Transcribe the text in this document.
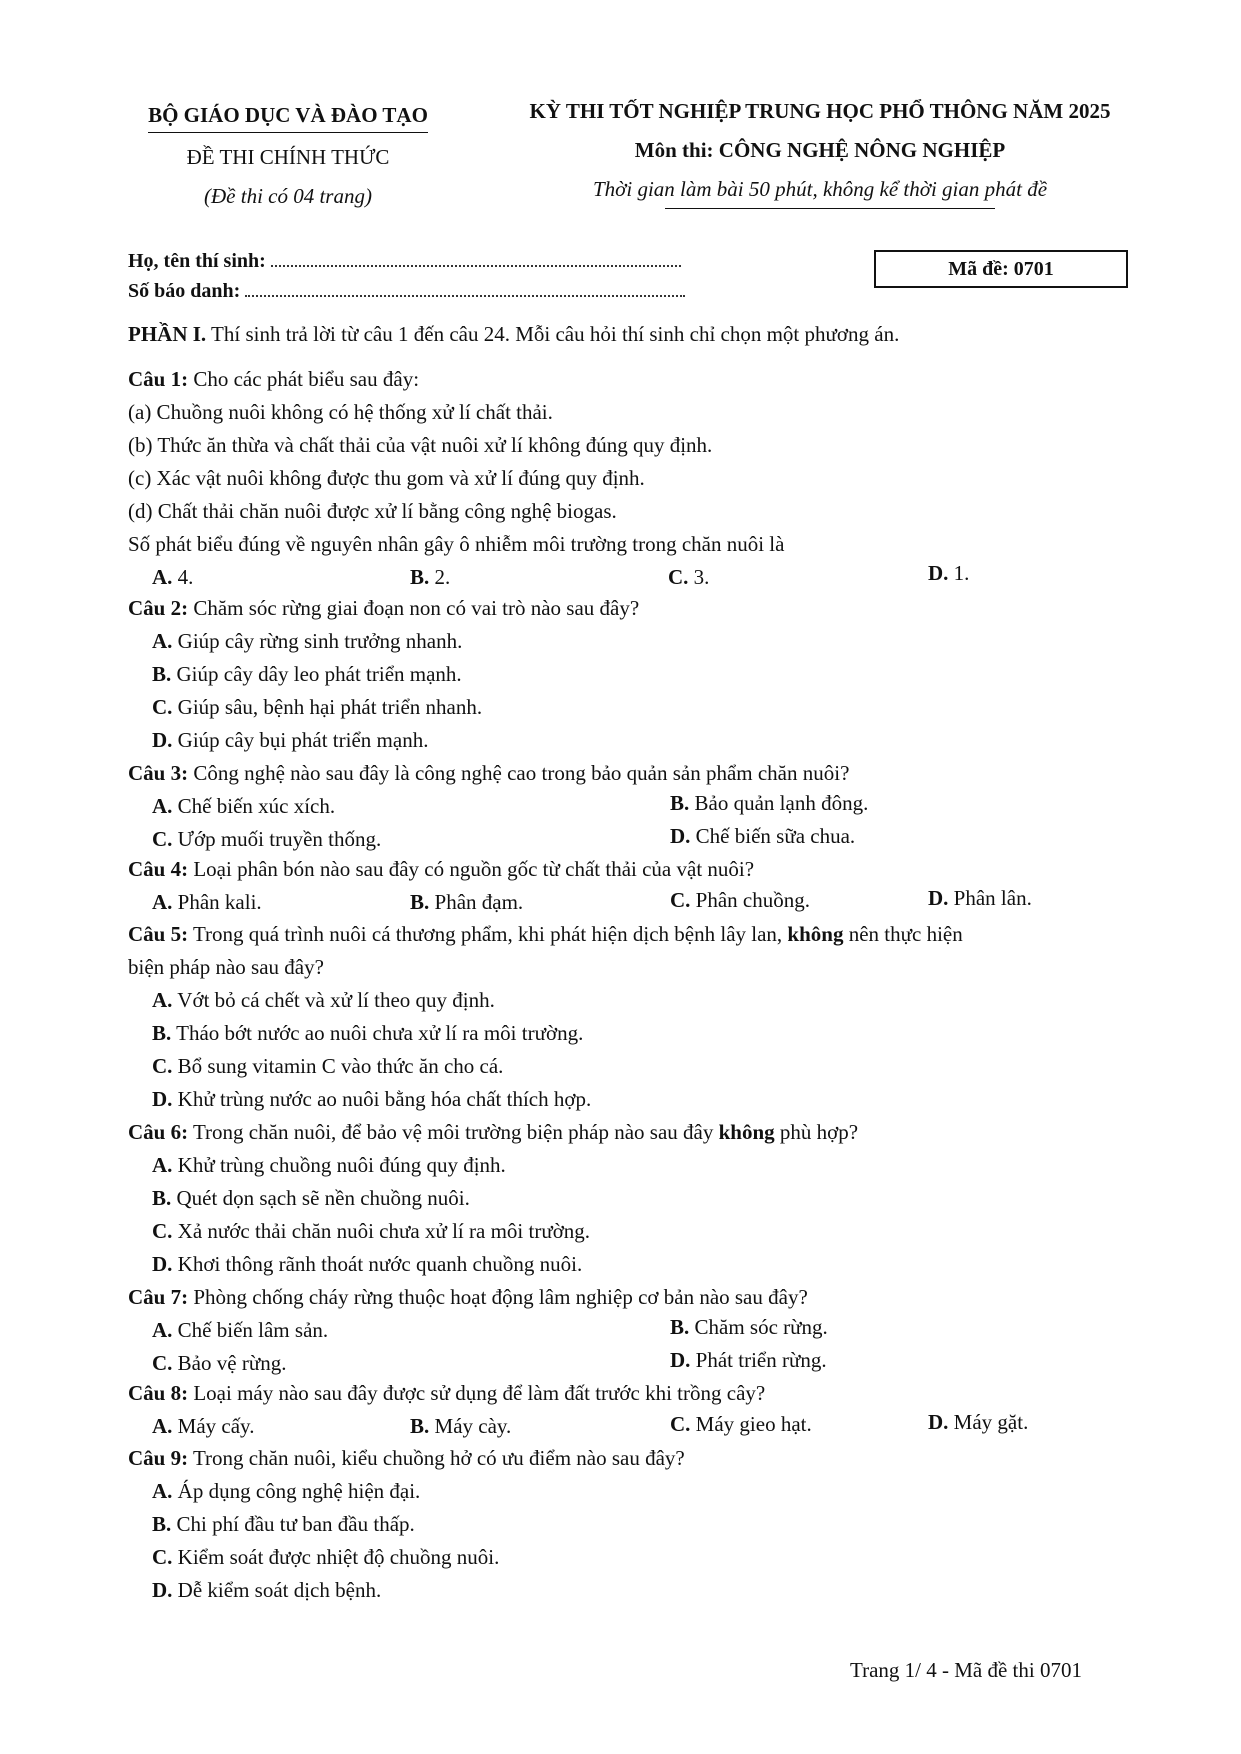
BỘ GIÁO DỤC VÀ ĐÀO TẠO
ĐỀ THI CHÍNH THỨC
(Đề thi có 04 trang)
KỲ THI TỐT NGHIỆP TRUNG HỌC PHỔ THÔNG NĂM 2025
Môn thi: CÔNG NGHỆ NÔNG NGHIỆP
Thời gian làm bài 50 phút, không kể thời gian phát đề
Họ, tên thí sinh:
Số báo danh:
Mã đề: 0701
PHẦN I. Thí sinh trả lời từ câu 1 đến câu 24. Mỗi câu hỏi thí sinh chỉ chọn một phương án.
Câu 1: Cho các phát biểu sau đây:
(a) Chuồng nuôi không có hệ thống xử lí chất thải.
(b) Thức ăn thừa và chất thải của vật nuôi xử lí không đúng quy định.
(c) Xác vật nuôi không được thu gom và xử lí đúng quy định.
(d) Chất thải chăn nuôi được xử lí bằng công nghệ biogas.
Số phát biểu đúng về nguyên nhân gây ô nhiễm môi trường trong chăn nuôi là
A. 4.	B. 2.	C. 3.	D. 1.
Câu 2: Chăm sóc rừng giai đoạn non có vai trò nào sau đây?
A. Giúp cây rừng sinh trưởng nhanh.
B. Giúp cây dây leo phát triển mạnh.
C. Giúp sâu, bệnh hại phát triển nhanh.
D. Giúp cây bụi phát triển mạnh.
Câu 3: Công nghệ nào sau đây là công nghệ cao trong bảo quản sản phẩm chăn nuôi?
A. Chế biến xúc xích.	B. Bảo quản lạnh đông.
C. Ướp muối truyền thống.	D. Chế biến sữa chua.
Câu 4: Loại phân bón nào sau đây có nguồn gốc từ chất thải của vật nuôi?
A. Phân kali.	B. Phân đạm.	C. Phân chuồng.	D. Phân lân.
Câu 5: Trong quá trình nuôi cá thương phẩm, khi phát hiện dịch bệnh lây lan, không nên thực hiện
biện pháp nào sau đây?
A. Vớt bỏ cá chết và xử lí theo quy định.
B. Tháo bớt nước ao nuôi chưa xử lí ra môi trường.
C. Bổ sung vitamin C vào thức ăn cho cá.
D. Khử trùng nước ao nuôi bằng hóa chất thích hợp.
Câu 6: Trong chăn nuôi, để bảo vệ môi trường biện pháp nào sau đây không phù hợp?
A. Khử trùng chuồng nuôi đúng quy định.
B. Quét dọn sạch sẽ nền chuồng nuôi.
C. Xả nước thải chăn nuôi chưa xử lí ra môi trường.
D. Khơi thông rãnh thoát nước quanh chuồng nuôi.
Câu 7: Phòng chống cháy rừng thuộc hoạt động lâm nghiệp cơ bản nào sau đây?
A. Chế biến lâm sản.	B. Chăm sóc rừng.
C. Bảo vệ rừng.	D. Phát triển rừng.
Câu 8: Loại máy nào sau đây được sử dụng để làm đất trước khi trồng cây?
A. Máy cấy.	B. Máy cày.	C. Máy gieo hạt.	D. Máy gặt.
Câu 9: Trong chăn nuôi, kiểu chuồng hở có ưu điểm nào sau đây?
A. Áp dụng công nghệ hiện đại.
B. Chi phí đầu tư ban đầu thấp.
C. Kiểm soát được nhiệt độ chuồng nuôi.
D. Dễ kiểm soát dịch bệnh.
Trang 1/ 4 - Mã đề thi 0701
